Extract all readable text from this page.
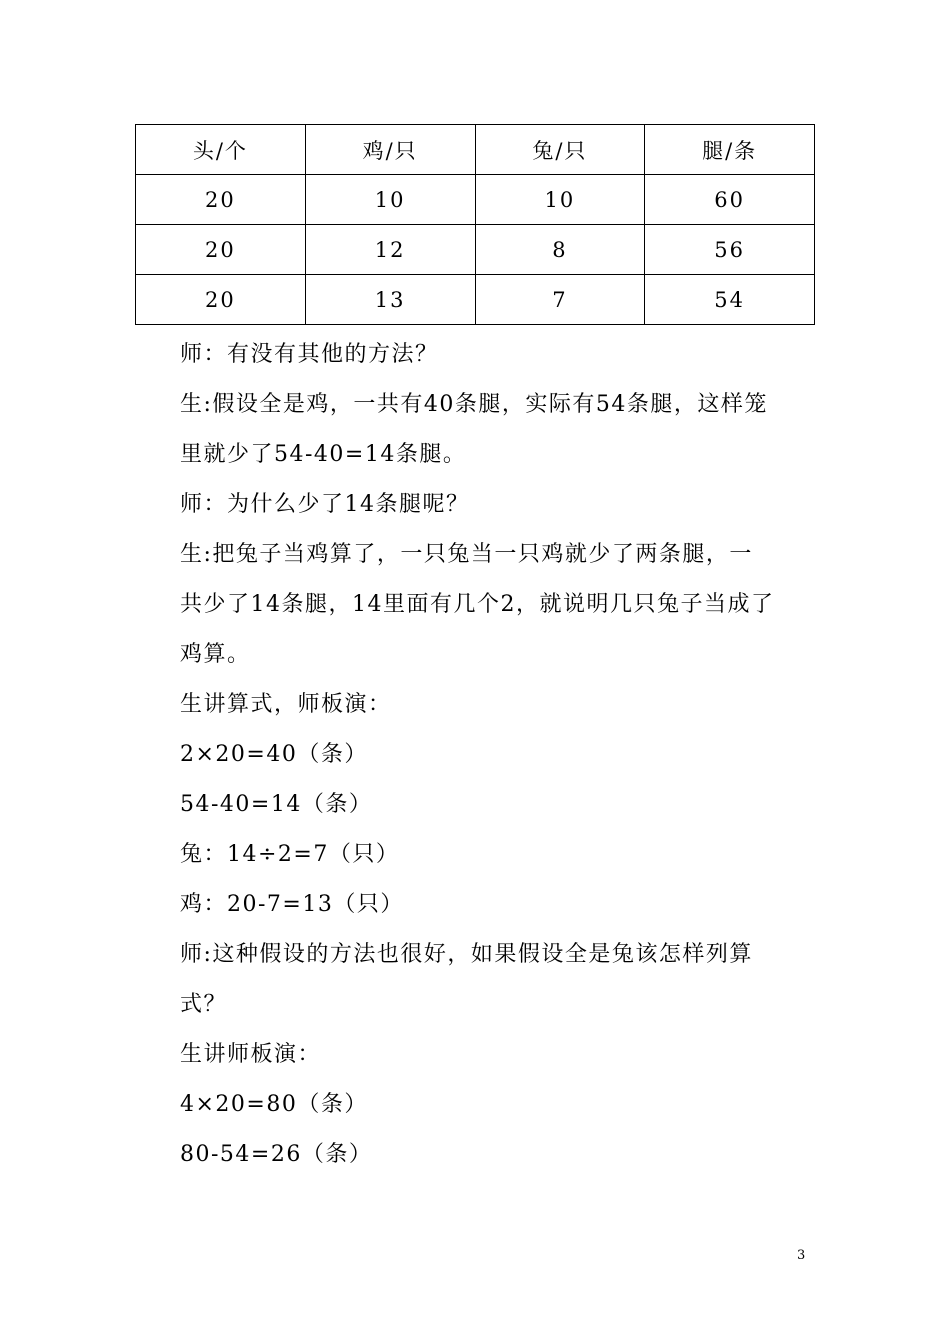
头/个	鸡/只	兔/只	腿/条
20	10	10	60
20	12	8	56
20	13	7	54
师：有没有其他的方法？
生:假设全是鸡，一共有40条腿，实际有54条腿，这样笼
里就少了54-40=14条腿。
师：为什么少了14条腿呢？
生:把兔子当鸡算了，一只兔当一只鸡就少了两条腿，一
共少了14条腿，14里面有几个2，就说明几只兔子当成了
鸡算。
生讲算式，师板演：
2×20=40（条）
54-40=14（条）
兔：14÷2=7（只）
鸡：20-7=13（只）
师:这种假设的方法也很好，如果假设全是兔该怎样列算
式？
生讲师板演：
4×20=80（条）
80-54=26（条）
3
